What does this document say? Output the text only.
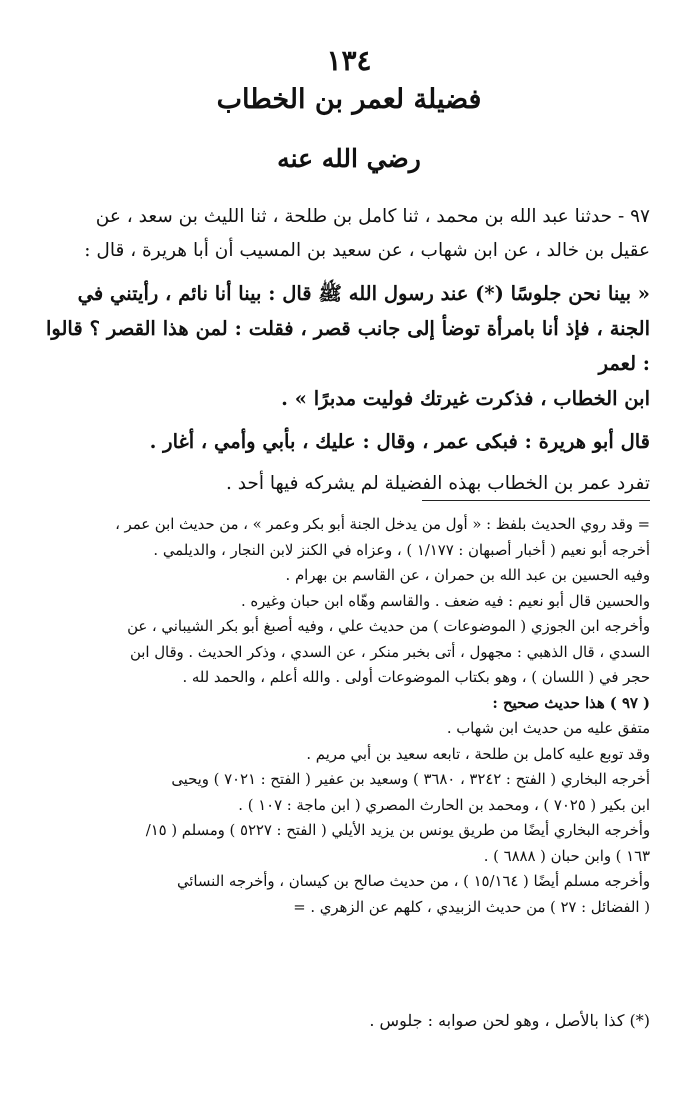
١٣٤
فضيلة لعمر بن الخطاب
رضي الله عنه

٩٧ - حدثنا عبد الله بن محمد ، ثنا كامل بن طلحة ، ثنا الليث بن سعد ، عن

عقيل بن خالد ، عن ابن شهاب ، عن سعيد بن المسيب أن أبا هريرة ، قال :

« بينا نحن جلوسًا (*) عند رسول الله ﷺ قال : بينا أنا نائم ، رأيتني في

الجنة ، فإذ أنا بامرأة توضأ إلى جانب قصر ، فقلت : لمن هذا القصر ؟ قالوا : لعمر

ابن الخطاب ، فذكرت غيرتك فوليت مدبرًا » .

قال أبو هريرة : فبكى عمر ، وقال : عليك ، بأبي وأمي ، أغار .

تفرد عمر بن الخطاب بهذه الفضيلة لم يشركه فيها أحد .

= وقد روي الحديث بلفظ : « أول من يدخل الجنة أبو بكر وعمر » ، من حديث ابن عمر ،

أخرجه أبو نعيم ( أخبار أصبهان : ١/١٧٧ ) ، وعزاه في الكنز لابن النجار ، والديلمي .

وفيه الحسين بن عبد الله بن حمران ، عن القاسم بن بهرام .

والحسين قال أبو نعيم : فيه ضعف . والقاسم وهّاه ابن حبان وغيره .

وأخرجه ابن الجوزي ( الموضوعات ) من حديث علي ، وفيه أصبغ أبو بكر الشيباني ، عن

السدي ، قال الذهبي : مجهول ، أتى بخبر منكر ، عن السدي ، وذكر الحديث . وقال ابن

حجر في ( اللسان ) ، وهو بكتاب الموضوعات أولى . والله أعلم ، والحمد لله .

( ٩٧ ) هذا حديث صحيح :

متفق عليه من حديث ابن شهاب .

وقد توبع عليه كامل بن طلحة ، تابعه سعيد بن أبي مريم .

أخرجه البخاري ( الفتح : ٣٢٤٢ ، ٣٦٨٠ ) وسعيد بن عفير ( الفتح : ٧٠٢١ ) ويحيى

ابن بكير ( ٧٠٢٥ ) ، ومحمد بن الحارث المصري ( ابن ماجة : ١٠٧ ) .

وأخرجه البخاري أيضًا من طريق يونس بن يزيد الأيلي ( الفتح : ٥٢٢٧ ) ومسلم ( ١٥/

١٦٣ ) وابن حبان ( ٦٨٨٨ ) .

وأخرجه مسلم أيضًا ( ١٥/١٦٤ ) ، من حديث صالح بن كيسان ، وأخرجه النسائي

( الفضائل : ٢٧ ) من حديث الزبيدي ، كلهم عن الزهري . =

(*) كذا بالأصل ، وهو لحن صوابه : جلوس .
